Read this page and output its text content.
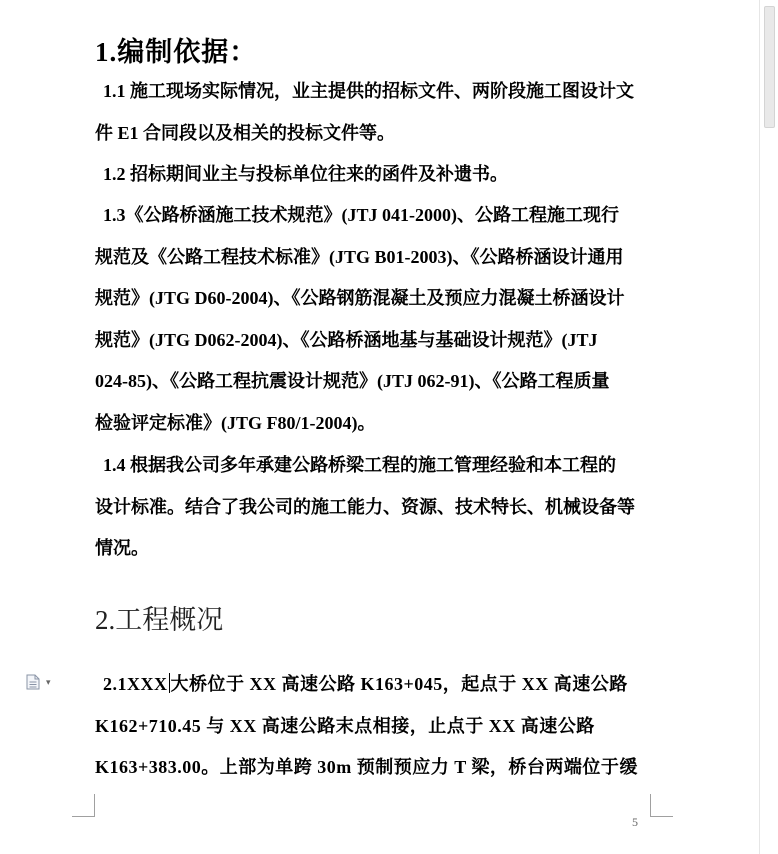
1.编制依据：
1.1 施工现场实际情况，业主提供的招标文件、两阶段施工图设计文
件 E1 合同段以及相关的投标文件等。
1.2 招标期间业主与投标单位往来的函件及补遗书。
1.3《公路桥涵施工技术规范》(JTJ 041-2000)、公路工程施工现行
规范及《公路工程技术标准》(JTG B01-2003)、《公路桥涵设计通用
规范》(JTG D60-2004)、《公路钢筋混凝土及预应力混凝土桥涵设计
规范》(JTG D062-2004)、《公路桥涵地基与基础设计规范》(JTJ
024-85)、《公路工程抗震设计规范》(JTJ 062-91)、《公路工程质量
检验评定标准》(JTG F80/1-2004)。
1.4 根据我公司多年承建公路桥梁工程的施工管理经验和本工程的
设计标准。结合了我公司的施工能力、资源、技术特长、机械设备等
情况。
2.工程概况
▾	2.1XXX 大桥位于 XX 高速公路 K163+045，起点于 XX 高速公路
K162+710.45 与 XX 高速公路末点相接，止点于 XX 高速公路
K163+383.00。上部为单跨 30m 预制预应力 T 梁，桥台两端位于缓
5
